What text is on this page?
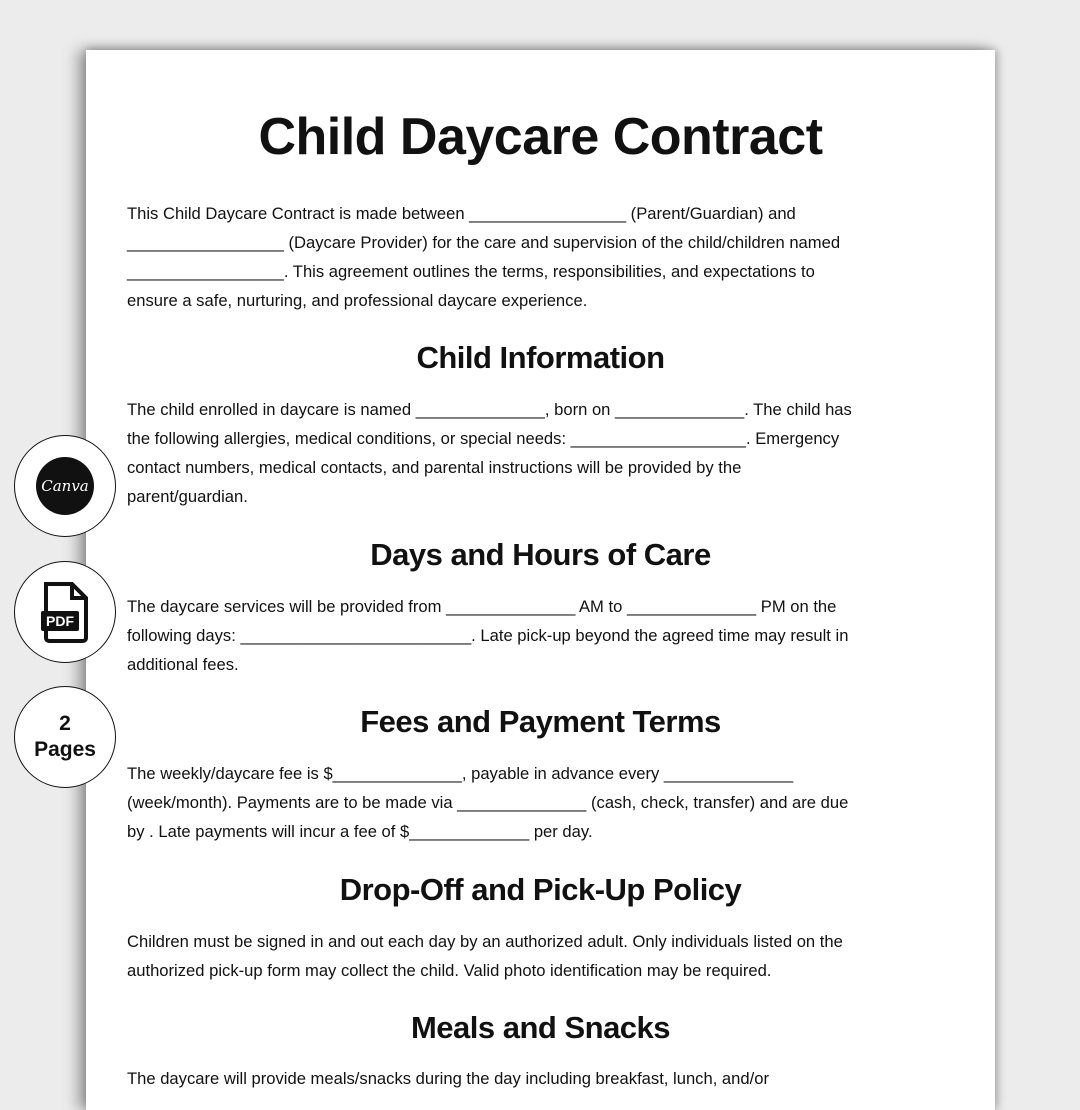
Child Daycare Contract
This Child Daycare Contract is made between _________________ (Parent/Guardian) and
_________________ (Daycare Provider) for the care and supervision of the child/children named
_________________. This agreement outlines the terms, responsibilities, and expectations to
ensure a safe, nurturing, and professional daycare experience.
Child Information
The child enrolled in daycare is named ______________, born on ______________. The child has
the following allergies, medical conditions, or special needs: ___________________. Emergency
contact numbers, medical contacts, and parental instructions will be provided by the
parent/guardian.
Days and Hours of Care
The daycare services will be provided from ______________ AM to ______________ PM on the
following days: _________________________. Late pick-up beyond the agreed time may result in
additional fees.
Fees and Payment Terms
The weekly/daycare fee is $______________, payable in advance every ______________
(week/month). Payments are to be made via ______________ (cash, check, transfer) and are due
by . Late payments will incur a fee of $_____________ per day.
Drop-Off and Pick-Up Policy
Children must be signed in and out each day by an authorized adult. Only individuals listed on the
authorized pick-up form may collect the child. Valid photo identification may be required.
Meals and Snacks
The daycare will provide meals/snacks during the day including breakfast, lunch, and/or
Canva
PDF
2
Pages
